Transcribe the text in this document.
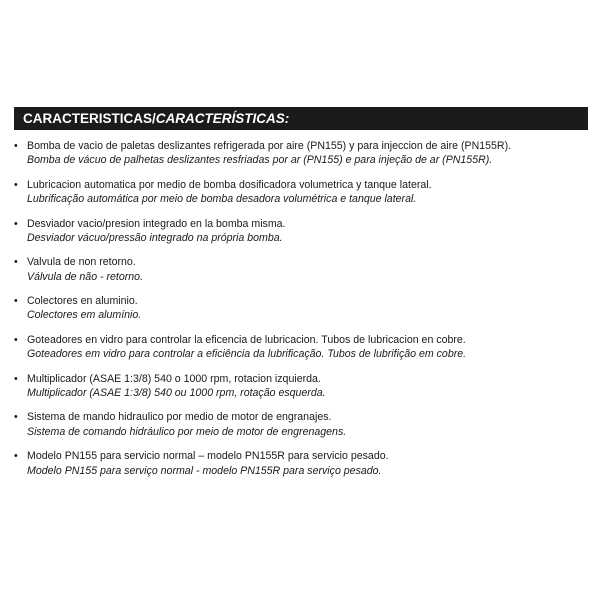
CARACTERISTICAS/CARACTERÍSTICAS:
• Bomba de vacio de paletas deslizantes refrigerada por aire (PN155) y para injeccion de aire (PN155R).
Bomba de vácuo de palhetas deslizantes resfriadas por ar (PN155) e para injeção de ar (PN155R).
• Lubricacion automatica por medio de bomba dosificadora volumetrica y tanque lateral.
Lubrificação automática por meio de bomba desadora volumétrica e tanque lateral.
• Desviador vacio/presion integrado en la bomba misma.
Desviador vácuo/pressão integrado na própria bomba.
• Valvula de non retorno.
Válvula de não - retorno.
• Colectores en aluminio.
Colectores em alumínio.
• Goteadores en vidro para controlar la eficencia de lubricacion. Tubos de lubricacion en cobre.
Goteadores em vidro para controlar a eficiência da lubrificação. Tubos de lubrifição em cobre.
• Multiplicador (ASAE 1:3/8) 540 o 1000 rpm, rotacion izquierda.
Multiplicador (ASAE 1:3/8) 540 ou 1000 rpm, rotação esquerda.
• Sistema de mando hidraulico por medio de motor de engranajes.
Sistema de comando hidráulico por meio de motor de engrenagens.
• Modelo PN155 para servicio normal – modelo PN155R para servicio pesado.
Modelo PN155 para serviço normal - modelo PN155R para serviço pesado.
